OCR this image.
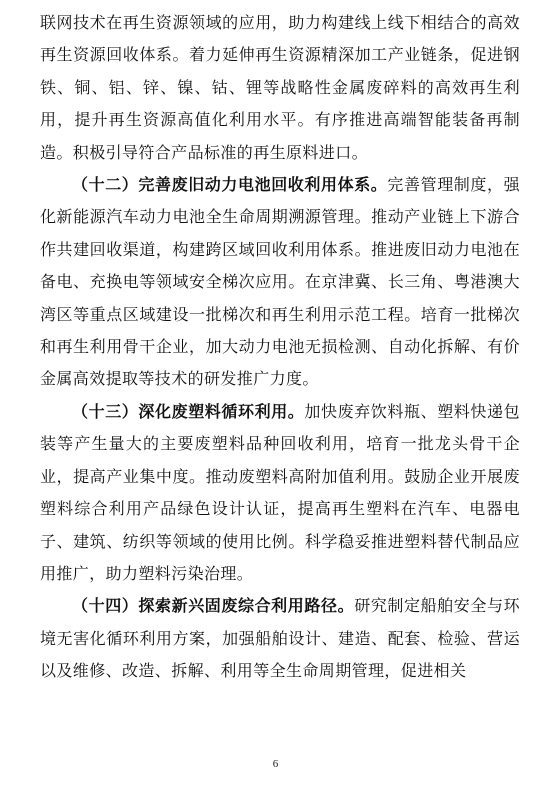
联网技术在再生资源领域的应用，助力构建线上线下相结合的高效再生资源回收体系。着力延伸再生资源精深加工产业链条，促进钢铁、铜、铝、锌、镍、钴、锂等战略性金属废碎料的高效再生利用，提升再生资源高值化利用水平。有序推进高端智能装备再制造。积极引导符合产品标准的再生原料进口。

（十二）完善废旧动力电池回收利用体系。完善管理制度，强化新能源汽车动力电池全生命周期溯源管理。推动产业链上下游合作共建回收渠道，构建跨区域回收利用体系。推进废旧动力电池在备电、充换电等领域安全梯次应用。在京津冀、长三角、粤港澳大湾区等重点区域建设一批梯次和再生利用示范工程。培育一批梯次和再生利用骨干企业，加大动力电池无损检测、自动化拆解、有价金属高效提取等技术的研发推广力度。

（十三）深化废塑料循环利用。加快废弃饮料瓶、塑料快递包装等产生量大的主要废塑料品种回收利用，培育一批龙头骨干企业，提高产业集中度。推动废塑料高附加值利用。鼓励企业开展废塑料综合利用产品绿色设计认证，提高再生塑料在汽车、电器电子、建筑、纺织等领域的使用比例。科学稳妥推进塑料替代制品应用推广，助力塑料污染治理。

（十四）探索新兴固废综合利用路径。研究制定船舶安全与环境无害化循环利用方案，加强船舶设计、建造、配套、检验、营运以及维修、改造、拆解、利用等全生命周期管理，促进相关

6
